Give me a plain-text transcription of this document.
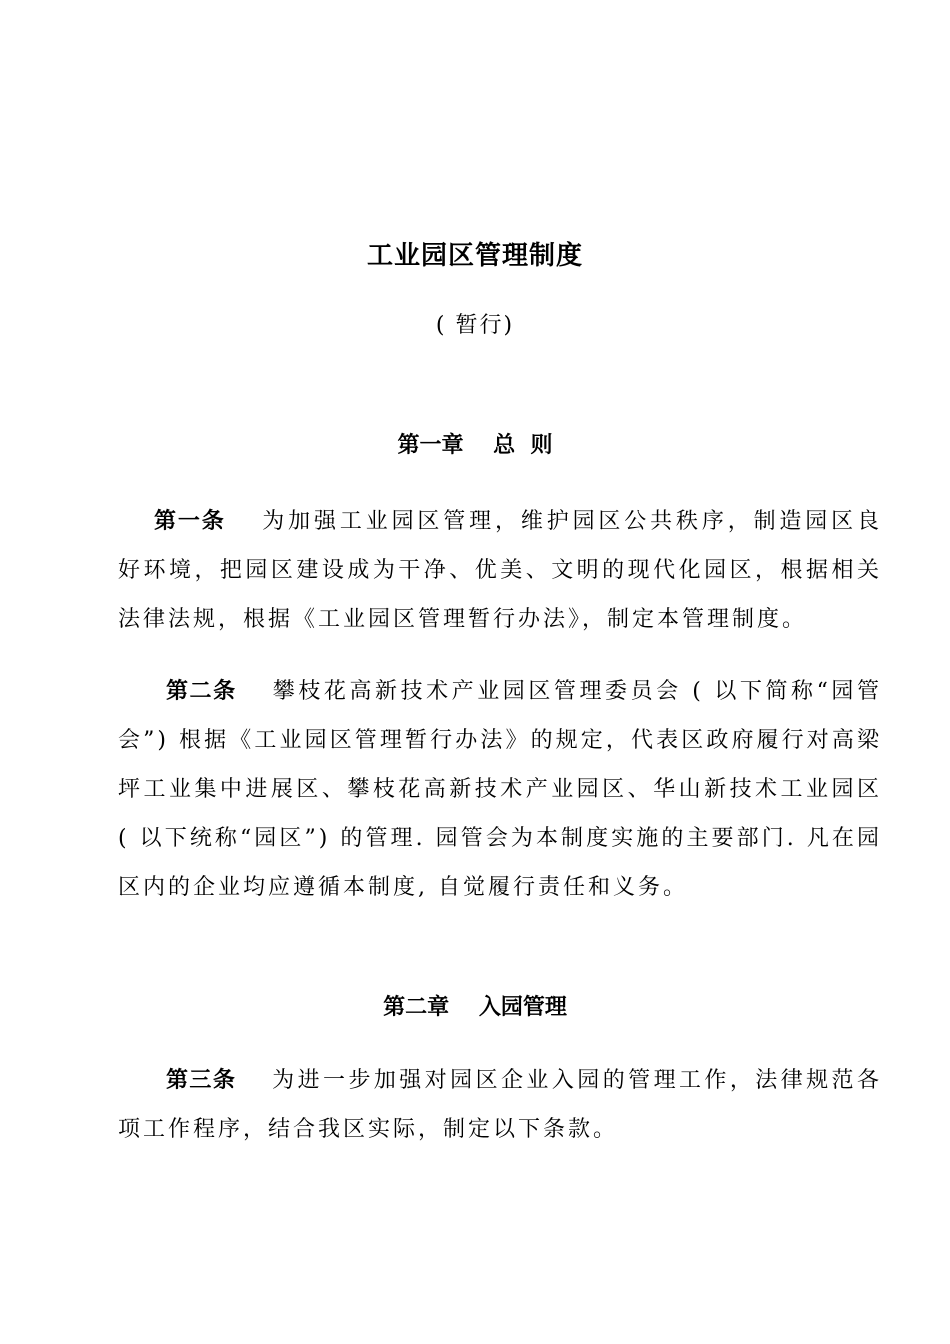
工业园区管理制度
( 暂行)
第一章　 总  则

第一条　 为加强工业园区管理，维护园区公共秩序，制造园区良好环境，把园区建设成为干净、优美、文明的现代化园区，根据相关法律法规，根据《工业园区管理暂行办法》，制定本管理制度。

第二条　 攀枝花高新技术产业园区管理委员会 ( 以下简称“园管会”) 根据《工业园区管理暂行办法》的规定，代表区政府履行对高梁坪工业集中进展区、攀枝花高新技术产业园区、华山新技术工业园区 ( 以下统称“园区”) 的管理. 园管会为本制度实施的主要部门. 凡在园区内的企业均应遵循本制度, 自觉履行责任和义务。

第二章　 入园管理

第三条　 为进一步加强对园区企业入园的管理工作，法律规范各项工作程序，结合我区实际，制定以下条款。
